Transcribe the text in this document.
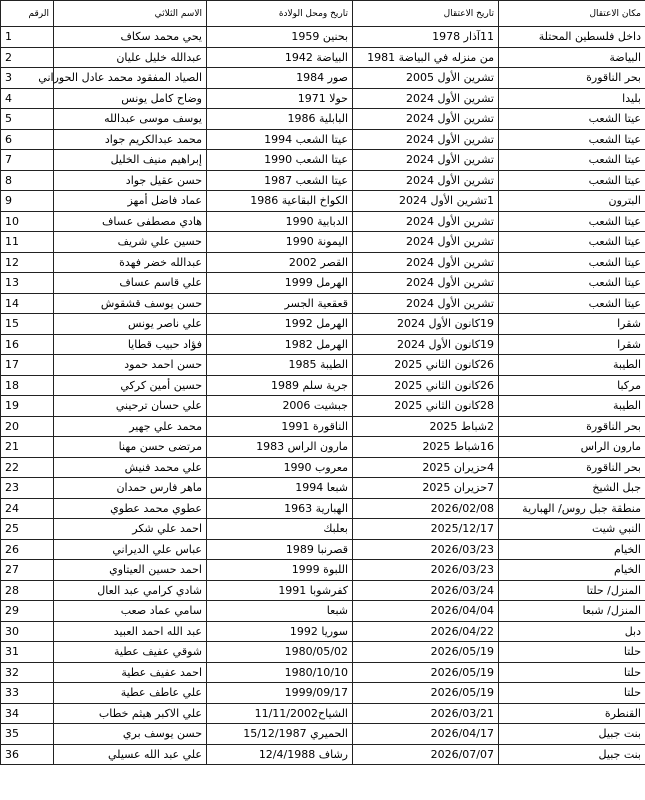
الرقم	الاسم الثلاثي	تاريخ ومحل الولادة	تاريخ الاعتقال	مكان الاعتقال
1	يحي محمد سكاف	بحنين 1959	11آذار 1978	داخل فلسطين المحتلة
2	عبدالله خليل عليان	البياضة 1942	من منزله في البياضة 1981	البياضة
3	الصياد المفقود محمد عادل الحوراني	صور 1984	تشرين الأول 2005	بحر الناقورة
4	وضاح كامل يونس	حولا 1971	تشرين الأول 2024	بليدا
5	يوسف موسى عبدالله	البابلية 1986	تشرين الأول 2024	عيتا الشعب
6	محمد عبدالكريم جواد	عيتا الشعب 1994	تشرين الأول 2024	عيتا الشعب
7	إبراهيم منيف الخليل	عيتا الشعب 1990	تشرين الأول 2024	عيتا الشعب
8	حسن عقيل جواد	عيتا الشعب 1987	تشرين الأول 2024	عيتا الشعب
9	عماد فاضل أمهز	الكواخ البقاعية 1986	1تشرين الأول 2024	البترون
10	هادي مصطفى عساف	الدبابية 1990	تشرين الأول 2024	عيتا الشعب
11	حسين علي شريف	اليمونة 1990	تشرين الأول 2024	عيتا الشعب
12	عبدالله خضر فهدة	القصر 2002	تشرين الأول 2024	عيتا الشعب
13	علي قاسم عساف	الهرمل 1999	تشرين الأول 2024	عيتا الشعب
14	حسن يوسف قشقوش	قعقعية الجسر	تشرين الأول 2024	عيتا الشعب
15	علي ناصر يونس	الهرمل 1992	19كانون الأول 2024	شقرا
16	فؤاد حبيب قطايا	الهرمل 1982	19كانون الأول 2024	شقرا
17	حسن احمد حمود	الطيبة 1985	26كانون الثاني 2025	الطيبة
18	حسين أمين كركي	جرية سلم 1989	26كانون الثاني 2025	مركبا
19	علي حسان ترحيني	جبشيت 2006	28كانون الثاني 2025	الطيبة
20	محمد علي جهير	الناقورة 1991	2شباط 2025	بحر الناقورة
21	مرتضى حسن مهنا	مارون الراس 1983	16شباط 2025	مارون الراس
22	علي محمد فنيش	معروب 1990	4حزيران 2025	بحر الناقورة
23	ماهر فارس حمدان	شبعا 1994	7حزيران 2025	جبل الشيخ
24	عطوي محمد عطوي	الهبارية 1963	2026/02/08	منطقة جبل روس/ الهبارية
25	احمد علي شكر	بعلبك	2025/12/17	النبي شيت
26	عباس علي الديراني	قصرنبا 1989	2026/03/23	الخيام
27	احمد حسين العيتاوي	اللبوة 1999	2026/03/23	الخيام
28	شادي كرامي عبد العال	كفرشوبا 1991	2026/03/24	المنزل/ حلتا
29	سامي عماد صعب	شبعا	2026/04/04	المنزل/ شبعا
30	عبد الله احمد العبيد	سوريا 1992	2026/04/22	دبل
31	شوقي عفيف عطية	1980/05/02	2026/05/19	حلتا
32	احمد عفيف عطية	1980/10/10	2026/05/19	حلتا
33	علي عاطف عطية	1999/09/17	2026/05/19	حلتا
34	علي الاكبر هيثم خطاب	الشياح11/11/2002	2026/03/21	القنطرة
35	حسن يوسف بري	الحميري 15/12/1987	2026/04/17	بنت جبيل
36	علي عبد الله عسيلي	رشاف 12/4/1988	2026/07/07	بنت جبيل
